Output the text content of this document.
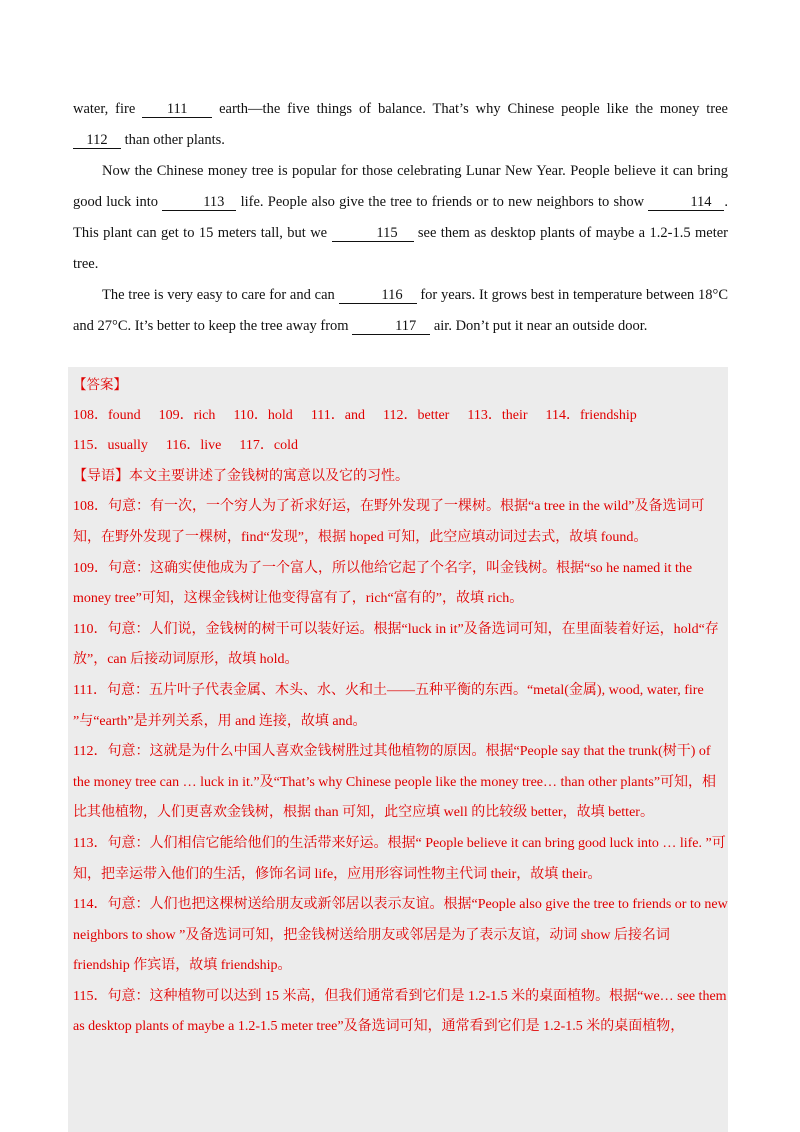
water, fire 111 earth—the five things of balance. That’s why Chinese people like the money tree 112 than other plants.

Now the Chinese money tree is popular for those celebrating Lunar New Year. People believe it can bring good luck into	113 life. People also give the tree to friends or to new neighbors to show	114 . This plant can get to 15 meters tall, but we	115 see them as desktop plants of maybe a 1.2-1.5 meter tree.

The tree is very easy to care for and can	116 for years. It grows best in temperature between 18°C and 27°C. It’s better to keep the tree away from	117 air. Don’t put it near an outside door.

【答案】
108．found 109．rich 110．hold 111．and 112．better 113．their 114．friendship
115．usually 116．live 117．cold
【导语】本文主要讲述了金钱树的寓意以及它的习性。
108．句意：有一次，一个穷人为了祈求好运，在野外发现了一棵树。根据“a tree in the wild”及备选词可知，在野外发现了一棵树，find“发现”，根据 hoped 可知，此空应填动词过去式，故填 found。
109．句意：这确实使他成为了一个富人，所以他给它起了个名字，叫金钱树。根据“so he named it the money tree”可知，这棵金钱树让他变得富有了，rich“富有的”，故填 rich。
110．句意：人们说，金钱树的树干可以装好运。根据“luck in it”及备选词可知，在里面装着好运，hold“存放”，can 后接动词原形，故填 hold。
111．句意：五片叶子代表金属、木头、水、火和土——五种平衡的东西。“metal(金属), wood, water, fire ”与“earth”是并列关系，用 and 连接，故填 and。
112．句意：这就是为什么中国人喜欢金钱树胜过其他植物的原因。根据“People say that the trunk(树干) of the money tree can … luck in it.”及“That’s why Chinese people like the money tree… than other plants”可知，相比其他植物，人们更喜欢金钱树，根据 than 可知，此空应填 well 的比较级 better，故填 better。
113．句意：人们相信它能给他们的生活带来好运。根据“ People believe it can bring good luck into … life. ”可知，把幸运带入他们的生活，修饰名词 life，应用形容词性物主代词 their，故填 their。
114．句意：人们也把这棵树送给朋友或新邻居以表示友谊。根据“People also give the tree to friends or to new neighbors to show ”及备选词可知，把金钱树送给朋友或邻居是为了表示友谊，动词 show 后接名词 friendship 作宾语，故填 friendship。
115．句意：这种植物可以达到 15 米高，但我们通常看到它们是 1.2-1.5 米的桌面植物。根据“we… see them as desktop plants of maybe a 1.2-1.5 meter tree”及备选词可知，通常看到它们是 1.2-1.5 米的桌面植物，
